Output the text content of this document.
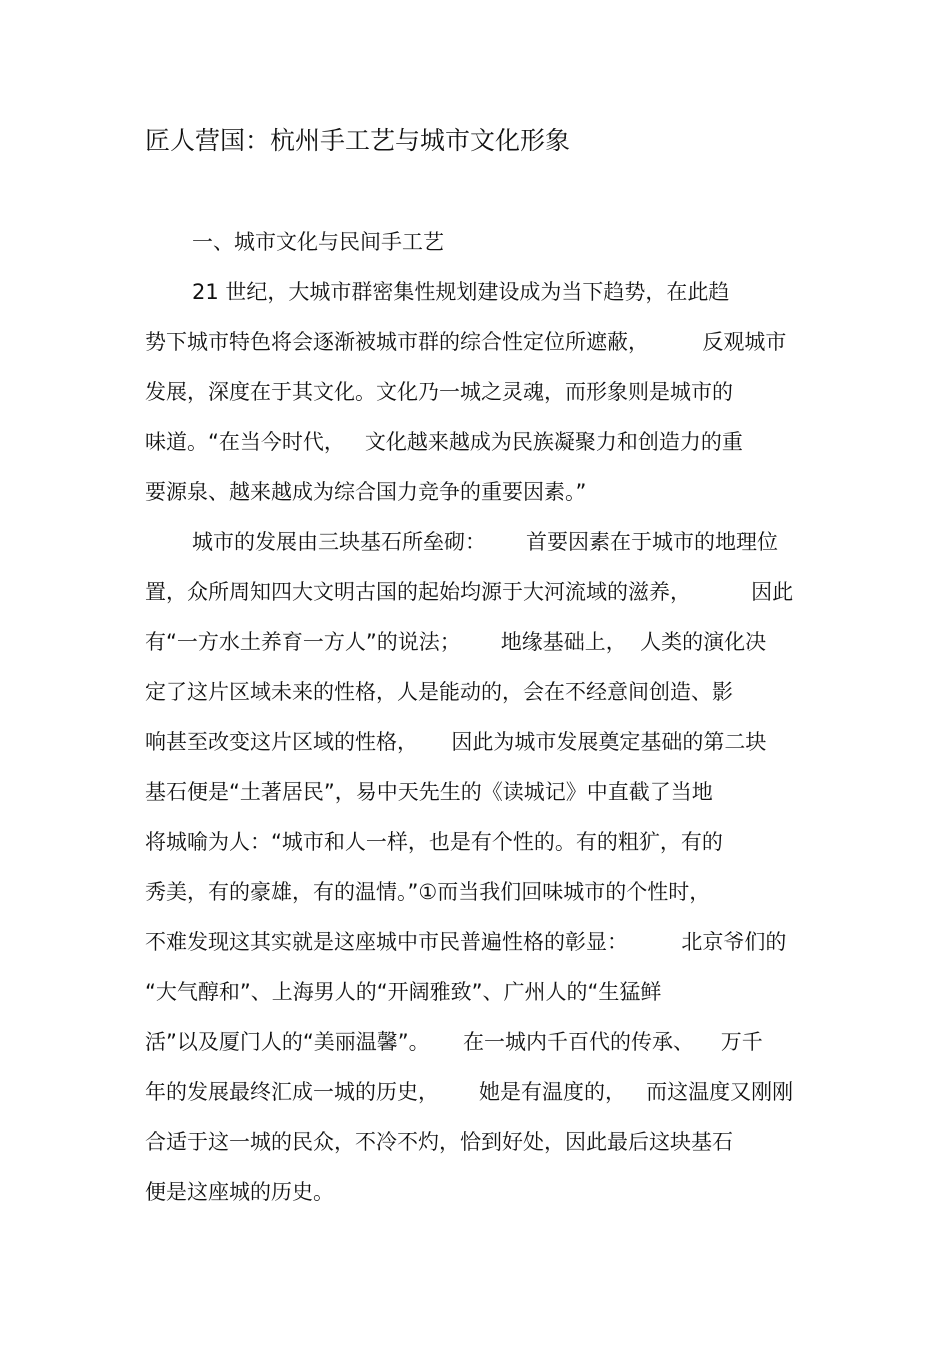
匠人营国：杭州手工艺与城市文化形象

一、城市文化与民间手工艺

21 世纪，大城市群密集性规划建设成为当下趋势，在此趋

势下城市特色将会逐渐被城市群的综合性定位所遮蔽，        反观城市

发展，深度在于其文化。文化乃一城之灵魂，而形象则是城市的

味道。“在当今时代，   文化越来越成为民族凝聚力和创造力的重

要源泉、越来越成为综合国力竞争的重要因素。”

城市的发展由三块基石所垒砌：      首要因素在于城市的地理位

置，众所周知四大文明古国的起始均源于大河流域的滋养，         因此

有“一方水土养育一方人”的说法；      地缘基础上，  人类的演化决

定了这片区域未来的性格，人是能动的，会在不经意间创造、影

响甚至改变这片区域的性格，     因此为城市发展奠定基础的第二块

基石便是“土著居民”，易中天先生的《读城记》中直截了当地

将城喻为人：“城市和人一样，也是有个性的。有的粗犷，有的

秀美，有的豪雄，有的温情。”①而当我们回味城市的个性时，

不难发现这其实就是这座城中市民普遍性格的彰显：        北京爷们的

“大气醇和”、上海男人的“开阔雅致”、广州人的“生猛鲜

活”以及厦门人的“美丽温馨”。     在一城内千百代的传承、    万千

年的发展最终汇成一城的历史，      她是有温度的，   而这温度又刚刚

合适于这一城的民众，不冷不灼，恰到好处，因此最后这块基石

便是这座城的历史。
